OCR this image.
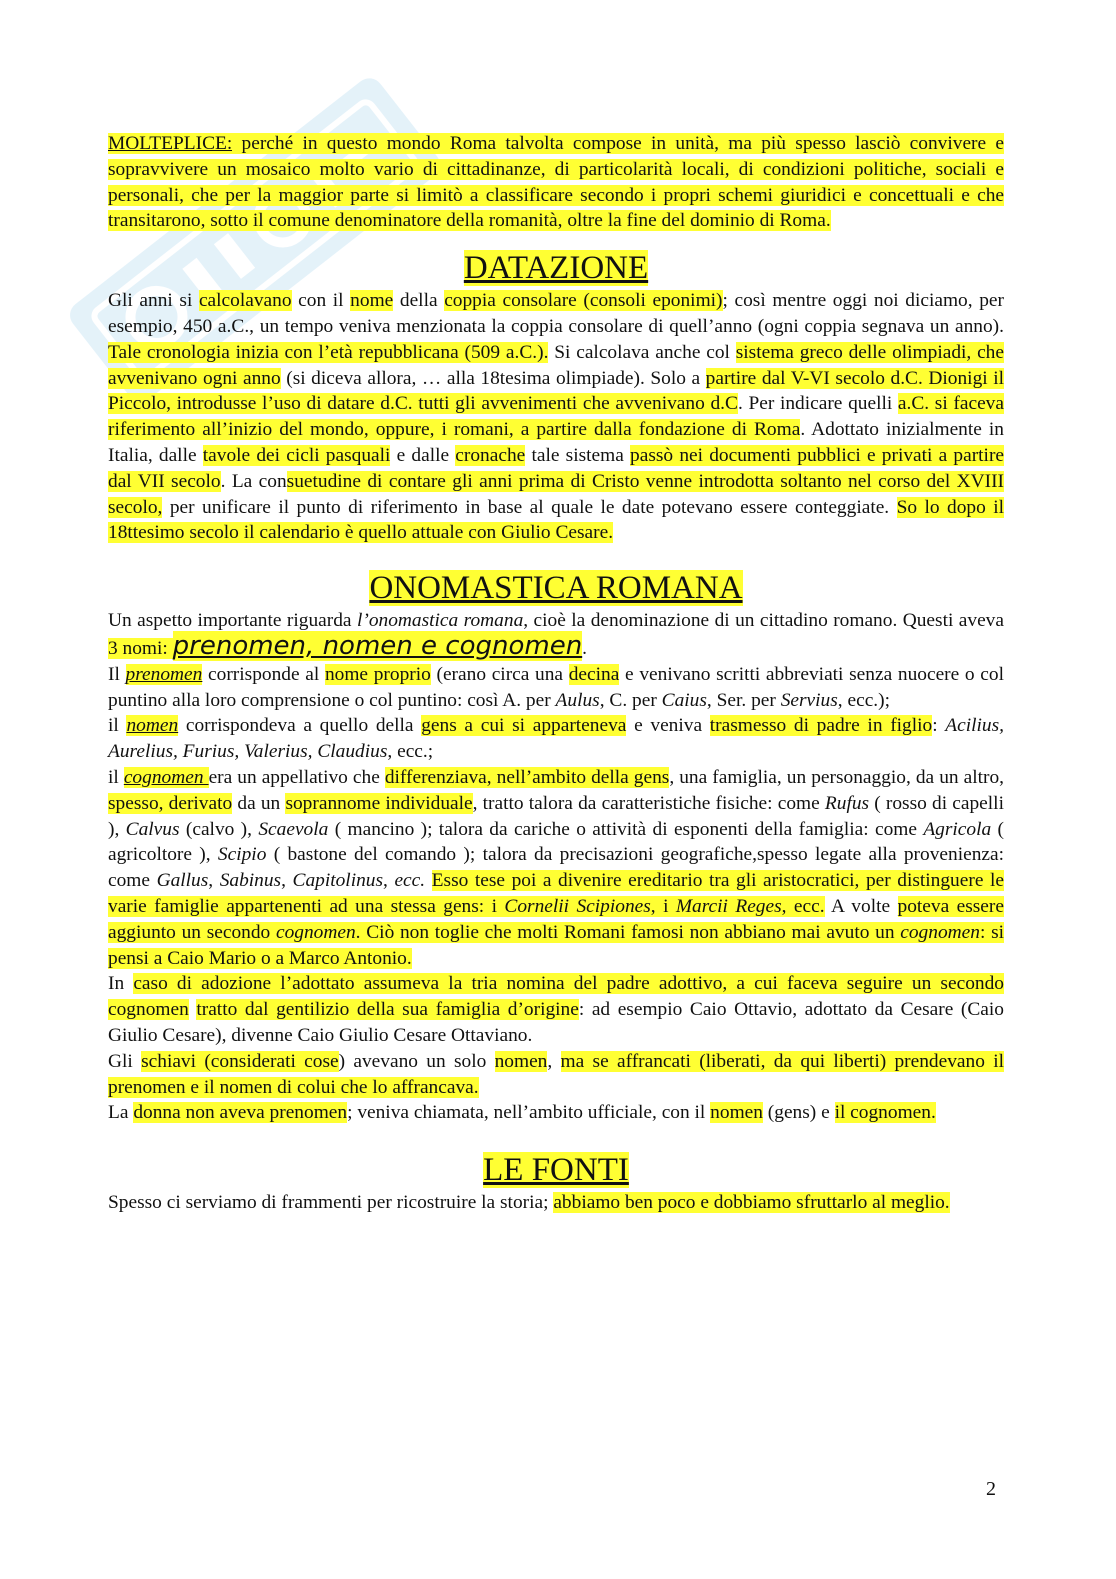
MOLTEPLICE: perché in questo mondo Roma talvolta compose in unità, ma più spesso lasciò convivere e sopravvivere un mosaico molto vario di cittadinanze, di particolarità locali, di condizioni politiche, sociali e personali, che per la maggior parte si limitò a classificare secondo i propri schemi giuridici e concettuali e che transitarono, sotto il comune denominatore della romanità, oltre la fine del dominio di Roma.

DATAZIONE

Gli anni si calcolavano con il nome della coppia consolare (consoli eponimi); così mentre oggi noi diciamo, per esempio, 450 a.C., un tempo veniva menzionata la coppia consolare di quell’anno (ogni coppia segnava un anno). Tale cronologia inizia con l’età repubblicana (509 a.C.). Si calcolava anche col sistema greco delle olimpiadi, che avvenivano ogni anno (si diceva allora, … alla 18tesima olimpiade). Solo a partire dal V-VI secolo d.C. Dionigi il Piccolo, introdusse l’uso di datare d.C. tutti gli avvenimenti che avvenivano d.C. Per indicare quelli a.C. si faceva riferimento all’inizio del mondo, oppure, i romani, a partire dalla fondazione di Roma. Adottato inizialmente in Italia, dalle tavole dei cicli pasquali e dalle cronache tale sistema passò nei documenti pubblici e privati a partire dal VII secolo. La consuetudine di contare gli anni prima di Cristo venne introdotta soltanto nel corso del XVIII secolo, per unificare il punto di riferimento in base al quale le date potevano essere conteggiate. So lo dopo il 18ttesimo secolo il calendario è quello attuale con Giulio Cesare.

ONOMASTICA ROMANA

Un aspetto importante riguarda l’onomastica romana, cioè la denominazione di un cittadino romano. Questi aveva 3 nomi: prenomen, nomen e cognomen.

Il prenomen corrisponde al nome proprio (erano circa una decina e venivano scritti abbreviati senza nuocere o col puntino alla loro comprensione o col puntino: così A. per Aulus, C. per Caius, Ser. per Servius, ecc.);

il nomen corrispondeva a quello della gens a cui si apparteneva e veniva trasmesso di padre in figlio: Acilius, Aurelius, Furius, Valerius, Claudius, ecc.;

il cognomen era un appellativo che differenziava, nell’ambito della gens, una famiglia, un personaggio, da un altro, spesso, derivato da un soprannome individuale, tratto talora da caratteristiche fisiche: come Rufus ( rosso di capelli ), Calvus (calvo ), Scaevola ( mancino ); talora da cariche o attività di esponenti della famiglia: come Agricola ( agricoltore ), Scipio ( bastone del comando ); talora da precisazioni geografiche,spesso legate alla provenienza: come Gallus, Sabinus, Capitolinus, ecc. Esso tese poi a divenire ereditario tra gli aristocratici, per distinguere le varie famiglie appartenenti ad una stessa gens: i Cornelii Scipiones, i Marcii Reges, ecc. A volte poteva essere aggiunto un secondo cognomen. Ciò non toglie che molti Romani famosi non abbiano mai avuto un cognomen: si pensi a Caio Mario o a Marco Antonio.

In caso di adozione l’adottato assumeva la tria nomina del padre adottivo, a cui faceva seguire un secondo cognomen tratto dal gentilizio della sua famiglia d’origine: ad esempio Caio Ottavio, adottato da Cesare (Caio Giulio Cesare), divenne Caio Giulio Cesare Ottaviano.

Gli schiavi (considerati cose) avevano un solo nomen, ma se affrancati (liberati, da qui liberti) prendevano il prenomen e il nomen di colui che lo affrancava.

La donna non aveva prenomen; veniva chiamata, nell’ambito ufficiale, con il nomen (gens) e il cognomen.

LE FONTI

Spesso ci serviamo di frammenti per ricostruire la storia; abbiamo ben poco e dobbiamo sfruttarlo al meglio.

2
